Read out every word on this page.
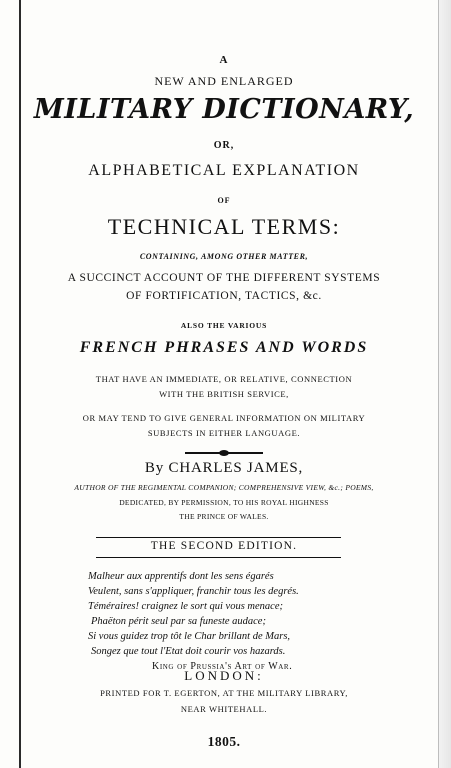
A
NEW AND ENLARGED
MILITARY DICTIONARY,
OR,
ALPHABETICAL EXPLANATION
OF
TECHNICAL TERMS:
CONTAINING, AMONG OTHER MATTER,
A SUCCINCT ACCOUNT OF THE DIFFERENT SYSTEMS
OF FORTIFICATION, TACTICS, &c.
ALSO THE VARIOUS
FRENCH PHRASES AND WORDS
THAT HAVE AN IMMEDIATE, OR RELATIVE, CONNECTION
WITH THE BRITISH SERVICE,
OR MAY TEND TO GIVE GENERAL INFORMATION ON MILITARY
SUBJECTS IN EITHER LANGUAGE.
By CHARLES JAMES,
AUTHOR OF THE REGIMENTAL COMPANION; COMPREHENSIVE VIEW, &c.; POEMS,
DEDICATED, BY PERMISSION, TO HIS ROYAL HIGHNESS
THE PRINCE OF WALES.
THE SECOND EDITION.
Malheur aux apprentifs dont les sens égarés
Veulent, sans s'appliquer, franchir tous les degrés.
Téméraires! craignez le sort qui vous menace;
Phaëton périt seul par sa funeste audace;
Si vous guidez trop tôt le Char brillant de Mars,
Songez que tout l'Etat doit courir vos hazards.
King of Prussia's Art of War.
LONDON:
PRINTED FOR T. EGERTON, AT THE MILITARY LIBRARY,
NEAR WHITEHALL.
1805.
